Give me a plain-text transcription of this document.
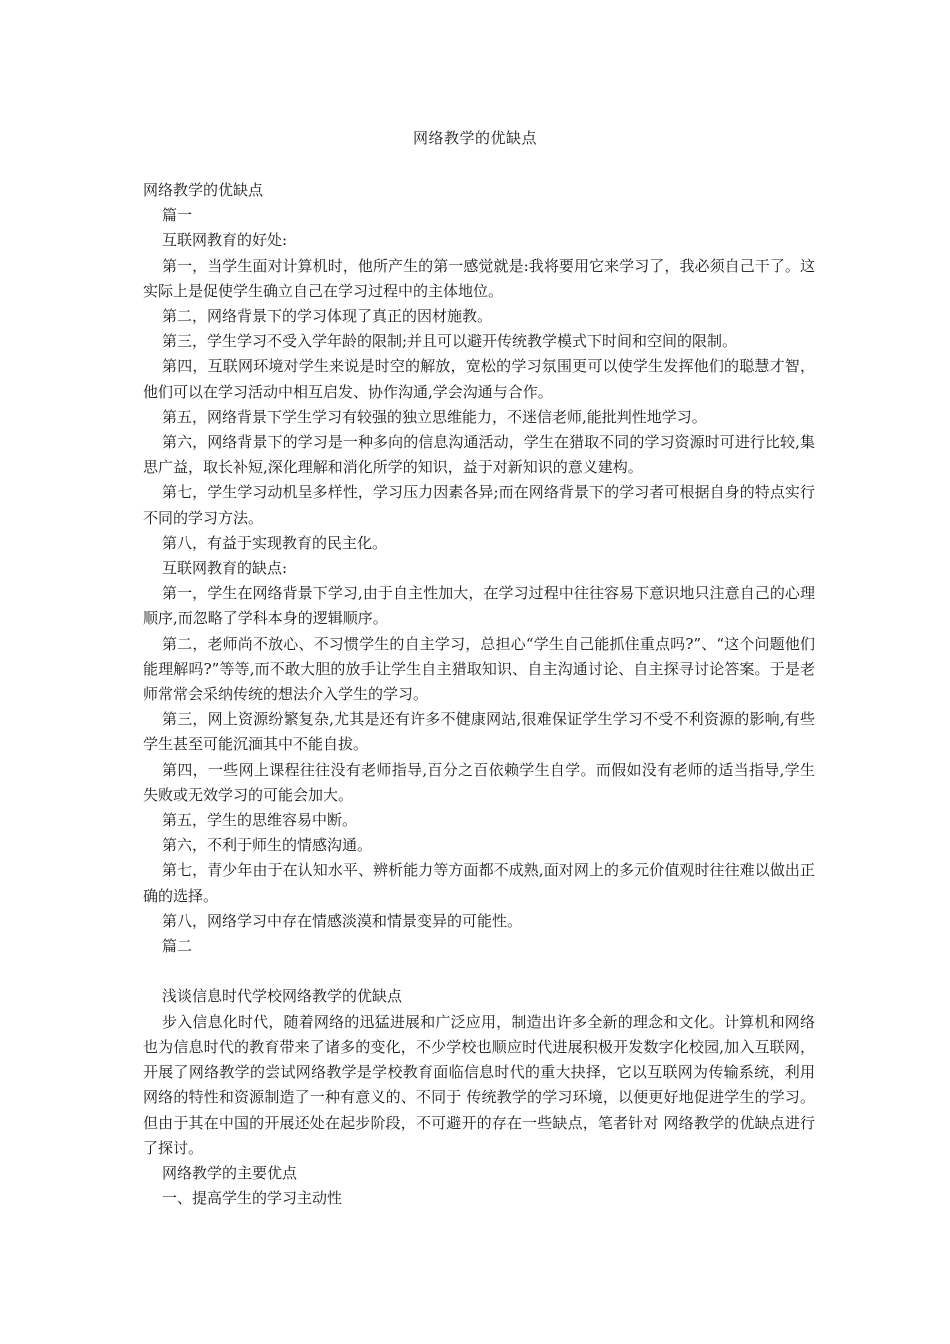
网络教学的优缺点

网络教学的优缺点

篇一

互联网教育的好处:

第一，当学生面对计算机时，他所产生的第一感觉就是:我将要用它来学习了，我必须自己干了。这实际上是促使学生确立自己在学习过程中的主体地位。

第二，网络背景下的学习体现了真正的因材施教。

第三，学生学习不受入学年龄的限制;并且可以避开传统教学模式下时间和空间的限制。

第四，互联网环境对学生来说是时空的解放，宽松的学习氛围更可以使学生发挥他们的聪慧才智，他们可以在学习活动中相互启发、协作沟通,学会沟通与合作。

第五，网络背景下学生学习有较强的独立思维能力，不迷信老师,能批判性地学习。

第六，网络背景下的学习是一种多向的信息沟通活动，学生在猎取不同的学习资源时可进行比较,集思广益，取长补短,深化理解和消化所学的知识，益于对新知识的意义建构。

第七，学生学习动机呈多样性，学习压力因素各异;而在网络背景下的学习者可根据自身的特点实行不同的学习方法。

第八，有益于实现教育的民主化。

互联网教育的缺点:

第一，学生在网络背景下学习,由于自主性加大，在学习过程中往往容易下意识地只注意自己的心理顺序,而忽略了学科本身的逻辑顺序。

第二，老师尚不放心、不习惯学生的自主学习，总担心“学生自己能抓住重点吗?”、“这个问题他们能理解吗?”等等,而不敢大胆的放手让学生自主猎取知识、自主沟通讨论、自主探寻讨论答案。于是老师常常会采纳传统的想法介入学生的学习。

第三，网上资源纷繁复杂,尤其是还有许多不健康网站,很难保证学生学习不受不利资源的影响,有些学生甚至可能沉湎其中不能自拔。

第四，一些网上课程往往没有老师指导,百分之百依赖学生自学。而假如没有老师的适当指导,学生失败或无效学习的可能会加大。

第五，学生的思维容易中断。

第六，不利于师生的情感沟通。

第七，青少年由于在认知水平、辨析能力等方面都不成熟,面对网上的多元价值观时往往难以做出正确的选择。

第八，网络学习中存在情感淡漠和情景变异的可能性。

篇二

浅谈信息时代学校网络教学的优缺点

步入信息化时代，随着网络的迅猛进展和广泛应用，制造出许多全新的理念和文化。计算机和网络也为信息时代的教育带来了诸多的变化，不少学校也顺应时代进展积极开发数字化校园,加入互联网，开展了网络教学的尝试网络教学是学校教育面临信息时代的重大抉择，它以互联网为传输系统，利用网络的特性和资源制造了一种有意义的、不同于 传统教学的学习环境，以便更好地促进学生的学习。但由于其在中国的开展还处在起步阶段，不可避开的存在一些缺点，笔者针对 网络教学的优缺点进行了探讨。

网络教学的主要优点

一、提高学生的学习主动性
